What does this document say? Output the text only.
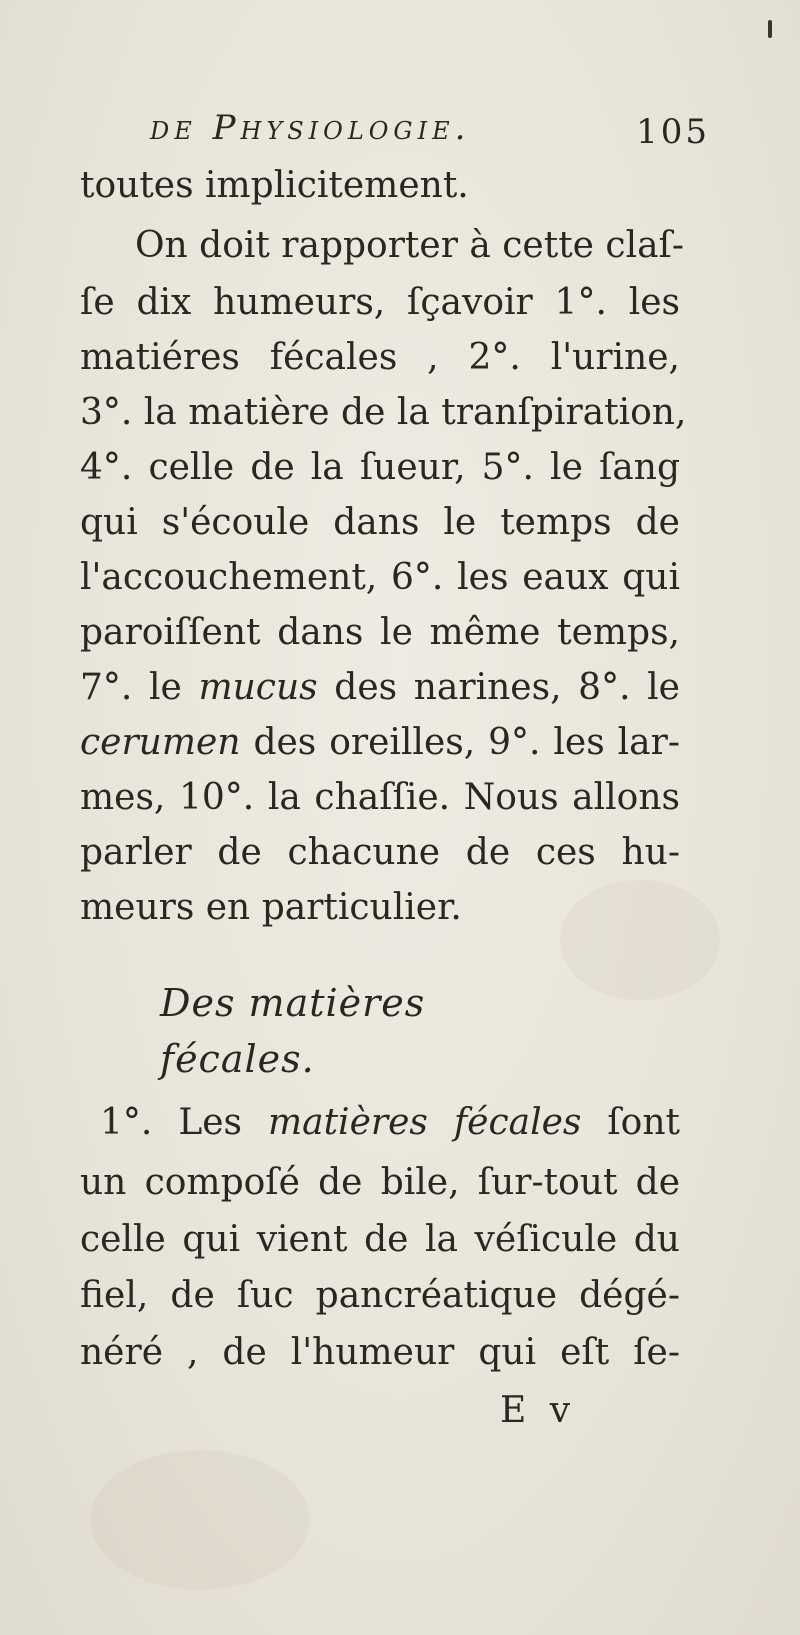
de Physiologie.	105
toutes implicitement.
On doit rapporter à cette claſ-
ſe dix humeurs, ſçavoir 1°. les
matiéres fécales , 2°. l'urine,
3°. la matière de la tranſpiration,
4°. celle de la ſueur, 5°. le ſang
qui s'écoule dans le temps de
l'accouchement, 6°. les eaux qui
paroiſſent dans le même temps,
7°. le mucus des narines, 8°. le
cerumen des oreilles, 9°. les lar-
mes, 10°. la chaſſie. Nous allons
parler de chacune de ces hu-
meurs en particulier.
Des matières fécales.
1°. Les matières fécales ſont
un compoſé de bile, ſur-tout de
celle qui vient de la véſicule du
fiel, de ſuc pancréatique dégé-
néré , de l'humeur qui eſt ſe-
E v
